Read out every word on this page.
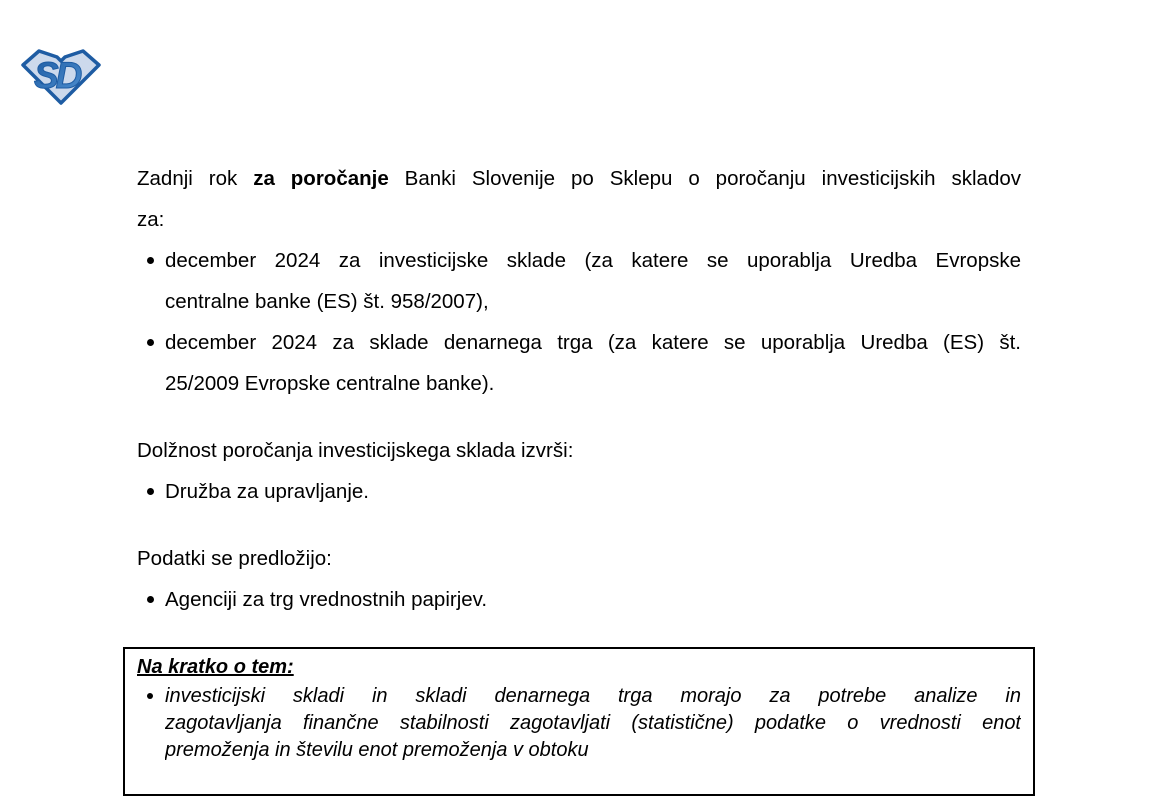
SD
Zadnji rok za poročanje Banki Slovenije po Sklepu o poročanju investicijskih skladov
za:
december 2024 za investicijske sklade (za katere se uporablja Uredba Evropske
centralne banke (ES) št. 958/2007),
december 2024 za sklade denarnega trga (za katere se uporablja Uredba (ES) št.
25/2009 Evropske centralne banke).
Dolžnost poročanja investicijskega sklada izvrši:
Družba za upravljanje.
Podatki se predložijo:
Agenciji za trg vrednostnih papirjev.
Na kratko o tem:
investicijski skladi in skladi denarnega trga morajo za potrebe analize in
zagotavljanja finančne stabilnosti zagotavljati (statistične) podatke o vrednosti enot
premoženja in številu enot premoženja v obtoku
